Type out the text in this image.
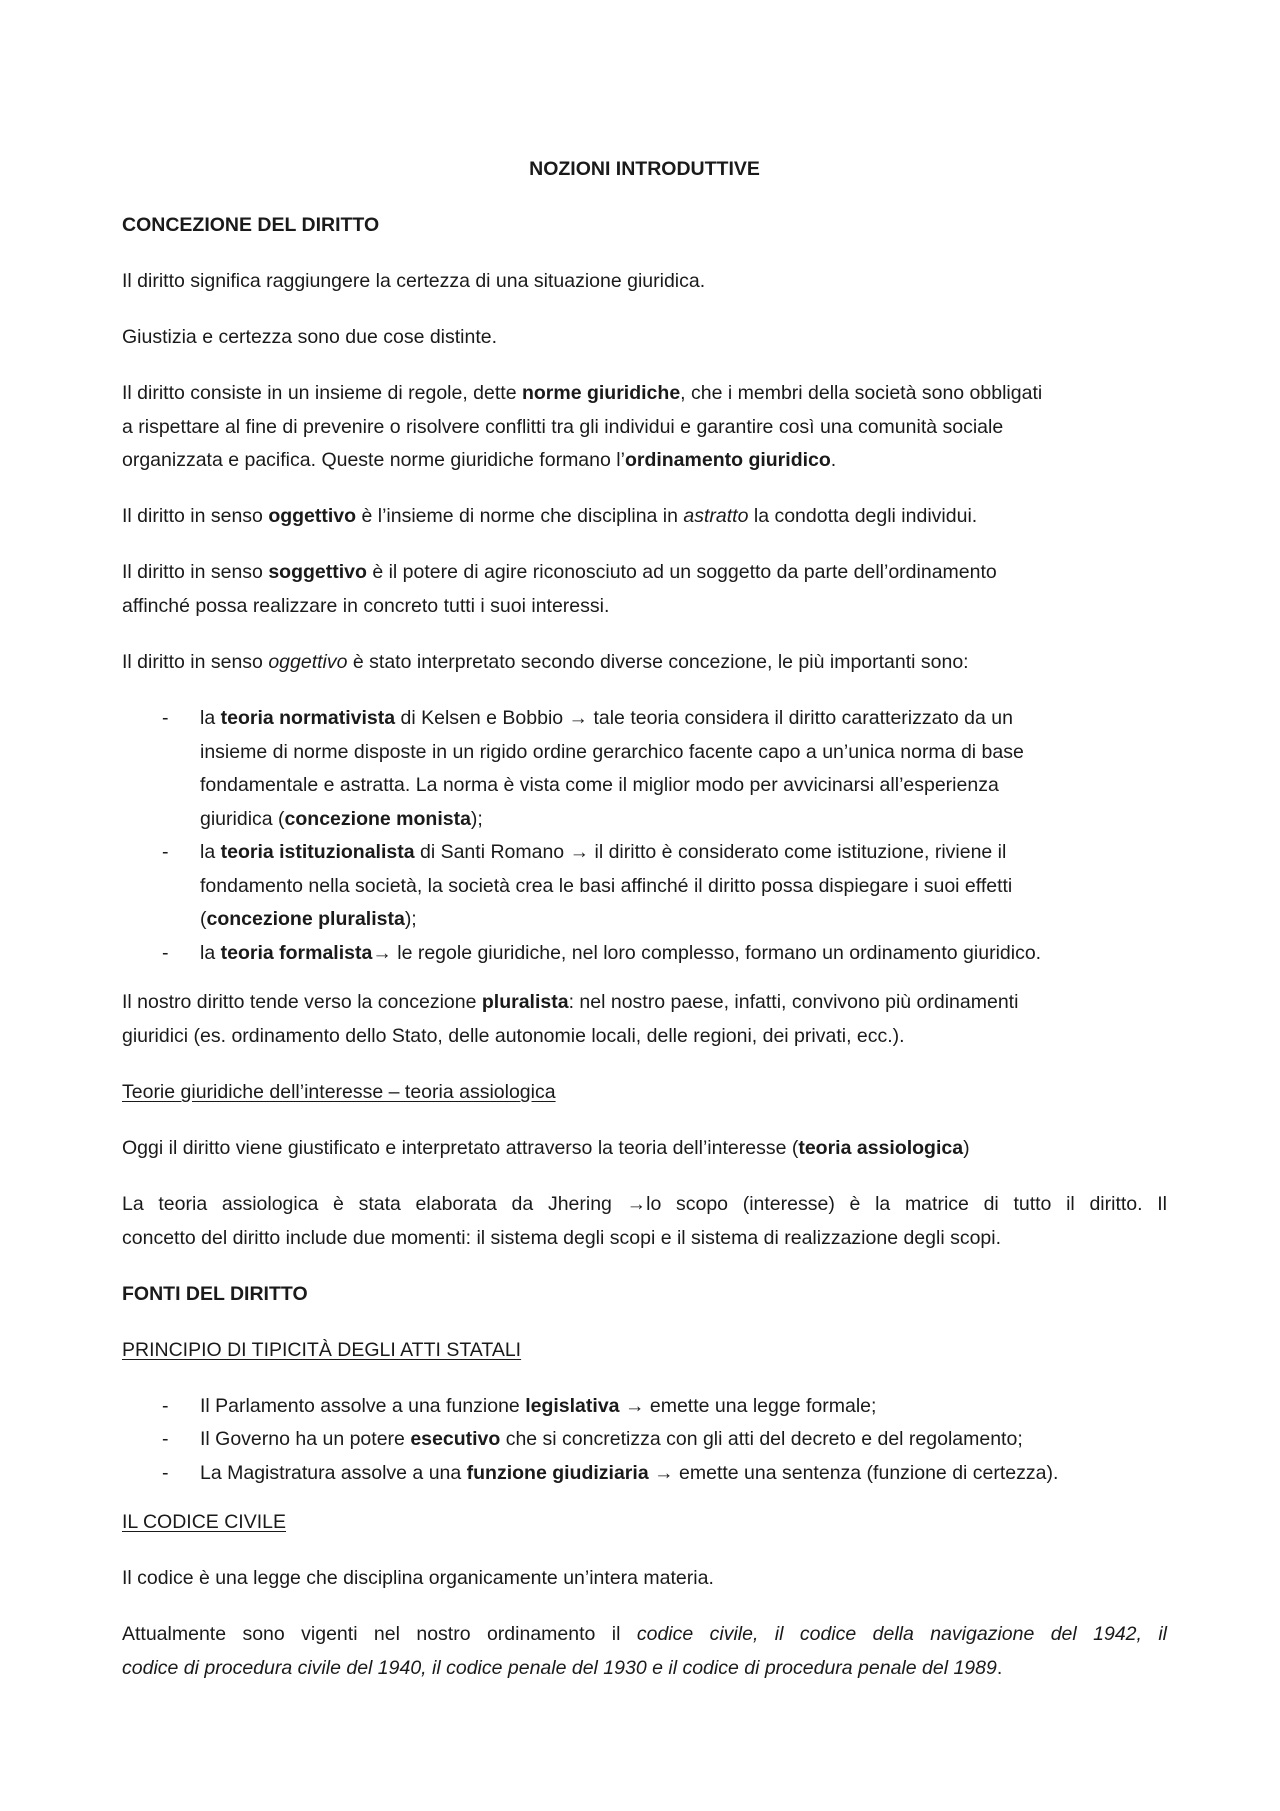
NOZIONI INTRODUTTIVE
CONCEZIONE DEL DIRITTO
Il diritto significa raggiungere la certezza di una situazione giuridica.
Giustizia e certezza sono due cose distinte.
Il diritto consiste in un insieme di regole, dette norme giuridiche, che i membri della società sono obbligati
a rispettare al fine di prevenire o risolvere conflitti tra gli individui e garantire così una comunità sociale
organizzata e pacifica. Queste norme giuridiche formano l’ordinamento giuridico.
Il diritto in senso oggettivo è l’insieme di norme che disciplina in astratto la condotta degli individui.
Il diritto in senso soggettivo è il potere di agire riconosciuto ad un soggetto da parte dell’ordinamento
affinché possa realizzare in concreto tutti i suoi interessi.
Il diritto in senso oggettivo è stato interpretato secondo diverse concezione, le più importanti sono:
- la teoria normativista di Kelsen e Bobbio → tale teoria considera il diritto caratterizzato da un
insieme di norme disposte in un rigido ordine gerarchico facente capo a un’unica norma di base
fondamentale e astratta. La norma è vista come il miglior modo per avvicinarsi all’esperienza
giuridica (concezione monista);
- la teoria istituzionalista di Santi Romano → il diritto è considerato come istituzione, riviene il
fondamento nella società, la società crea le basi affinché il diritto possa dispiegare i suoi effetti
(concezione pluralista);
- la teoria formalista→ le regole giuridiche, nel loro complesso, formano un ordinamento giuridico.
Il nostro diritto tende verso la concezione pluralista: nel nostro paese, infatti, convivono più ordinamenti
giuridici (es. ordinamento dello Stato, delle autonomie locali, delle regioni, dei privati, ecc.).
Teorie giuridiche dell’interesse – teoria assiologica
Oggi il diritto viene giustificato e interpretato attraverso la teoria dell’interesse (teoria assiologica)
La teoria assiologica è stata elaborata da Jhering →lo scopo (interesse) è la matrice di tutto il diritto. Il
concetto del diritto include due momenti: il sistema degli scopi e il sistema di realizzazione degli scopi.
FONTI DEL DIRITTO
PRINCIPIO DI TIPICITÀ DEGLI ATTI STATALI
- Il Parlamento assolve a una funzione legislativa → emette una legge formale;
- Il Governo ha un potere esecutivo che si concretizza con gli atti del decreto e del regolamento;
- La Magistratura assolve a una funzione giudiziaria → emette una sentenza (funzione di certezza).
IL CODICE CIVILE
Il codice è una legge che disciplina organicamente un’intera materia.
Attualmente sono vigenti nel nostro ordinamento il codice civile, il codice della navigazione del 1942, il
codice di procedura civile del 1940, il codice penale del 1930 e il codice di procedura penale del 1989.
